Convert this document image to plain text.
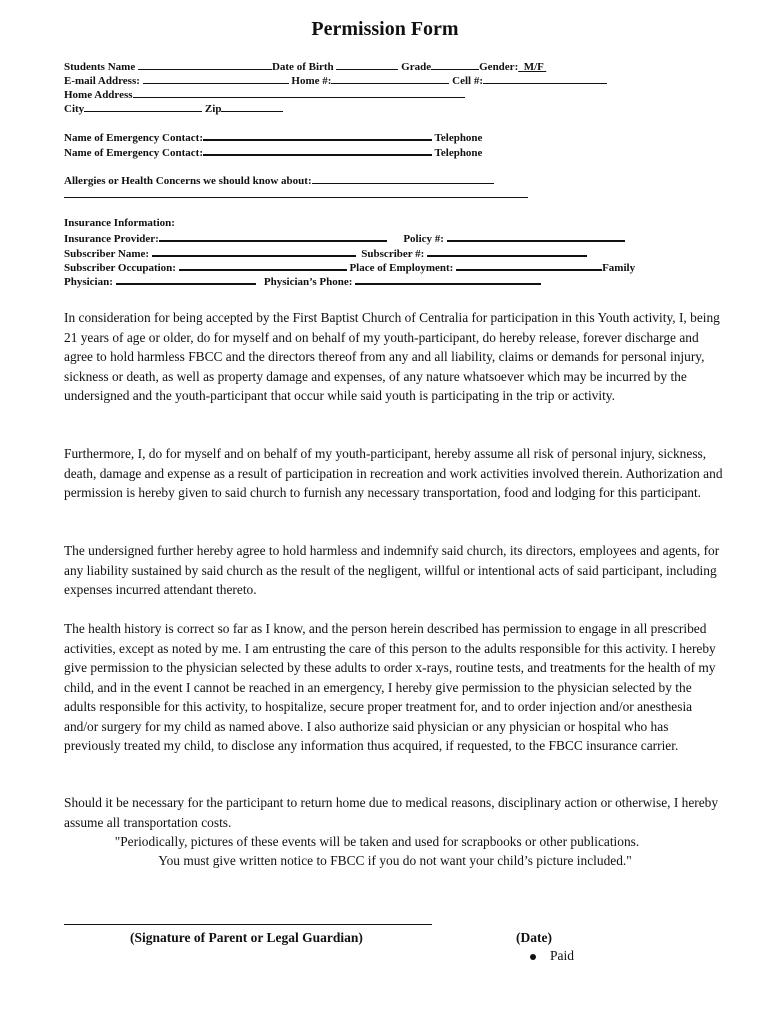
Permission Form
Students Name	Date of Birth	Grade	Gender: M/F
E-mail Address:	Home #:	Cell #:
Home Address
City	Zip
Name of Emergency Contact:	Telephone
Name of Emergency Contact:	Telephone
Allergies or Health Concerns we should know about:
Insurance Information:
Insurance Provider:	Policy #:
Subscriber Name:	Subscriber #:
Subscriber Occupation:	Place of Employment:	Family
Physician:	Physician’s Phone:

In consideration for being accepted by the First Baptist Church of Centralia for participation in this Youth activity, I, being 21 years of age or older, do for myself and on behalf of my youth-participant, do hereby release, forever discharge and agree to hold harmless FBCC and the directors thereof from any and all liability, claims or demands for personal injury, sickness or death, as well as property damage and expenses, of any nature whatsoever which may be incurred by the undersigned and the youth-participant that occur while said youth is participating in the trip or activity.

Furthermore, I, do for myself and on behalf of my youth-participant, hereby assume all risk of personal injury, sickness, death, damage and expense as a result of participation in recreation and work activities involved therein. Authorization and permission is hereby given to said church to furnish any necessary transportation, food and lodging for this participant.

The undersigned further hereby agree to hold harmless and indemnify said church, its directors, employees and agents, for any liability sustained by said church as the result of the negligent, willful or intentional acts of said participant, including expenses incurred attendant thereto.

The health history is correct so far as I know, and the person herein described has permission to engage in all prescribed activities, except as noted by me. I am entrusting the care of this person to the adults responsible for this activity. I hereby give permission to the physician selected by these adults to order x-rays, routine tests, and treatments for the health of my child, and in the event I cannot be reached in an emergency, I hereby give permission to the physician selected by the adults responsible for this activity, to hospitalize, secure proper treatment for, and to order injection and/or anesthesia and/or surgery for my child as named above. I also authorize said physician or any physician or hospital who has previously treated my child, to disclose any information thus acquired, if requested, to the FBCC insurance carrier.

Should it be necessary for the participant to return home due to medical reasons, disciplinary action or otherwise, I hereby assume all transportation costs.

"Periodically, pictures of these events will be taken and used for scrapbooks or other publications.
You must give written notice to FBCC if you do not want your child’s picture included."
(Signature of Parent or Legal Guardian)	(Date)
Paid
